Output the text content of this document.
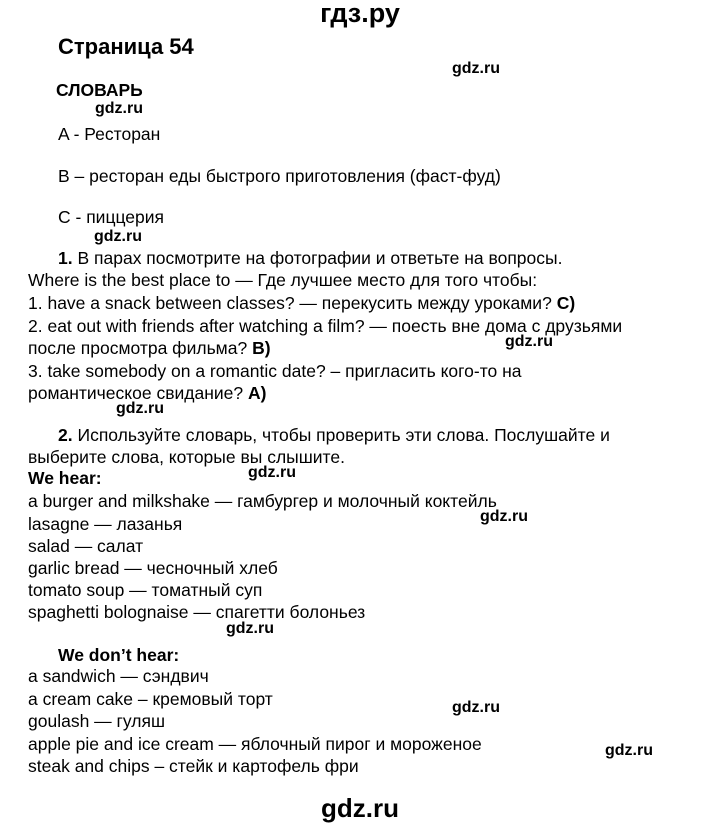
гдз.ру
Страница 54
gdz.ru
gdz.ru
gdz.ru
gdz.ru
gdz.ru
gdz.ru
gdz.ru
gdz.ru
gdz.ru
gdz.ru
СЛОВАРЬ
A - Ресторан
B – ресторан еды быстрого приготовления (фаст-фуд)
C - пиццерия
1. В парах посмотрите на фотографии и ответьте на вопросы.
Where is the best place to — Где лучшее место для того чтобы:
1. have a snack between classes? — перекусить между уроками? C)
2. eat out with friends after watching a film? — поесть вне дома с друзьями
после просмотра фильма? B)
3. take somebody on a romantic date? – пригласить кого-то на
романтическое свидание? A)
2. Используйте словарь, чтобы проверить эти слова. Послушайте и
выберите слова, которые вы слышите.
We hear:
a burger and milkshake — гамбургер и молочный коктейль
lasagne — лазанья
salad — салат
garlic bread — чесночный хлеб
tomato soup — томатный суп
spaghetti bolognaise — спагетти болоньез
We don’t hear:
a sandwich — сэндвич
a cream cake – кремовый торт
goulash — гуляш
apple pie and ice cream — яблочный пирог и мороженое
steak and chips – стейк и картофель фри
gdz.ru
